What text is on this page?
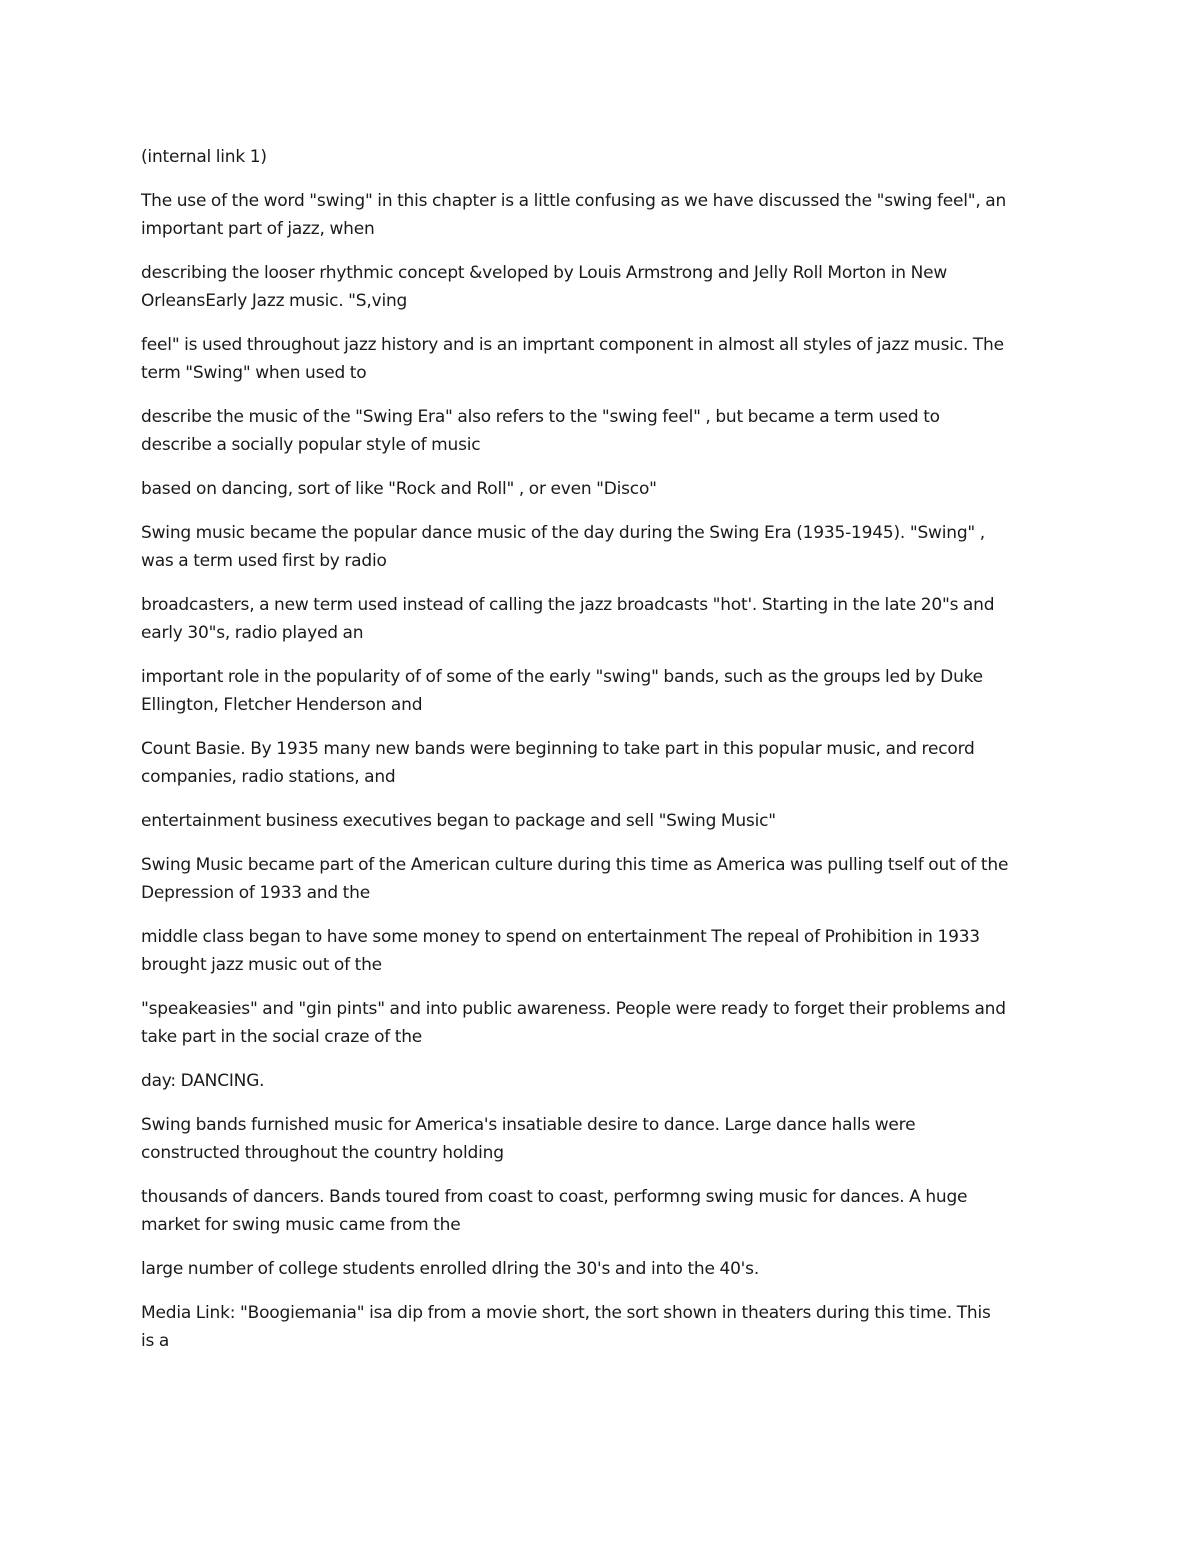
(internal link 1)

The use of the word "swing" in this chapter is a little confusing as we have discussed the "swing feel", an
important part of jazz, when

describing the looser rhythmic concept &veloped by Louis Armstrong and Jelly Roll Morton in New
OrleansEarly Jazz music. "S,ving

feel" is used throughout jazz history and is an imprtant component in almost all styles of jazz music. The
term "Swing" when used to

describe the music of the "Swing Era" also refers to the "swing feel" , but became a term used to
describe a socially popular style of music

based on dancing, sort of like "Rock and Roll" , or even "Disco"

Swing music became the popular dance music of the day during the Swing Era (1935-1945). "Swing" ,
was a term used first by radio

broadcasters, a new term used instead of calling the jazz broadcasts "hot'. Starting in the late 20"s and
early 30"s, radio played an

important role in the popularity of of some of the early "swing" bands, such as the groups led by Duke
Ellington, Fletcher Henderson and

Count Basie. By 1935 many new bands were beginning to take part in this popular music, and record
companies, radio stations, and

entertainment business executives began to package and sell "Swing Music"

Swing Music became part of the American culture during this time as America was pulling tself out of the
Depression of 1933 and the

middle class began to have some money to spend on entertainment The repeal of Prohibition in 1933
brought jazz music out of the

"speakeasies" and "gin pints" and into public awareness. People were ready to forget their problems and
take part in the social craze of the

day: DANCING.

Swing bands furnished music for America's insatiable desire to dance. Large dance halls were
constructed throughout the country holding

thousands of dancers. Bands toured from coast to coast, performng swing music for dances. A huge
market for swing music came from the

large number of college students enrolled dlring the 30's and into the 40's.

Media Link: "Boogiemania" isa dip from a movie short, the sort shown in theaters during this time. This
is a
